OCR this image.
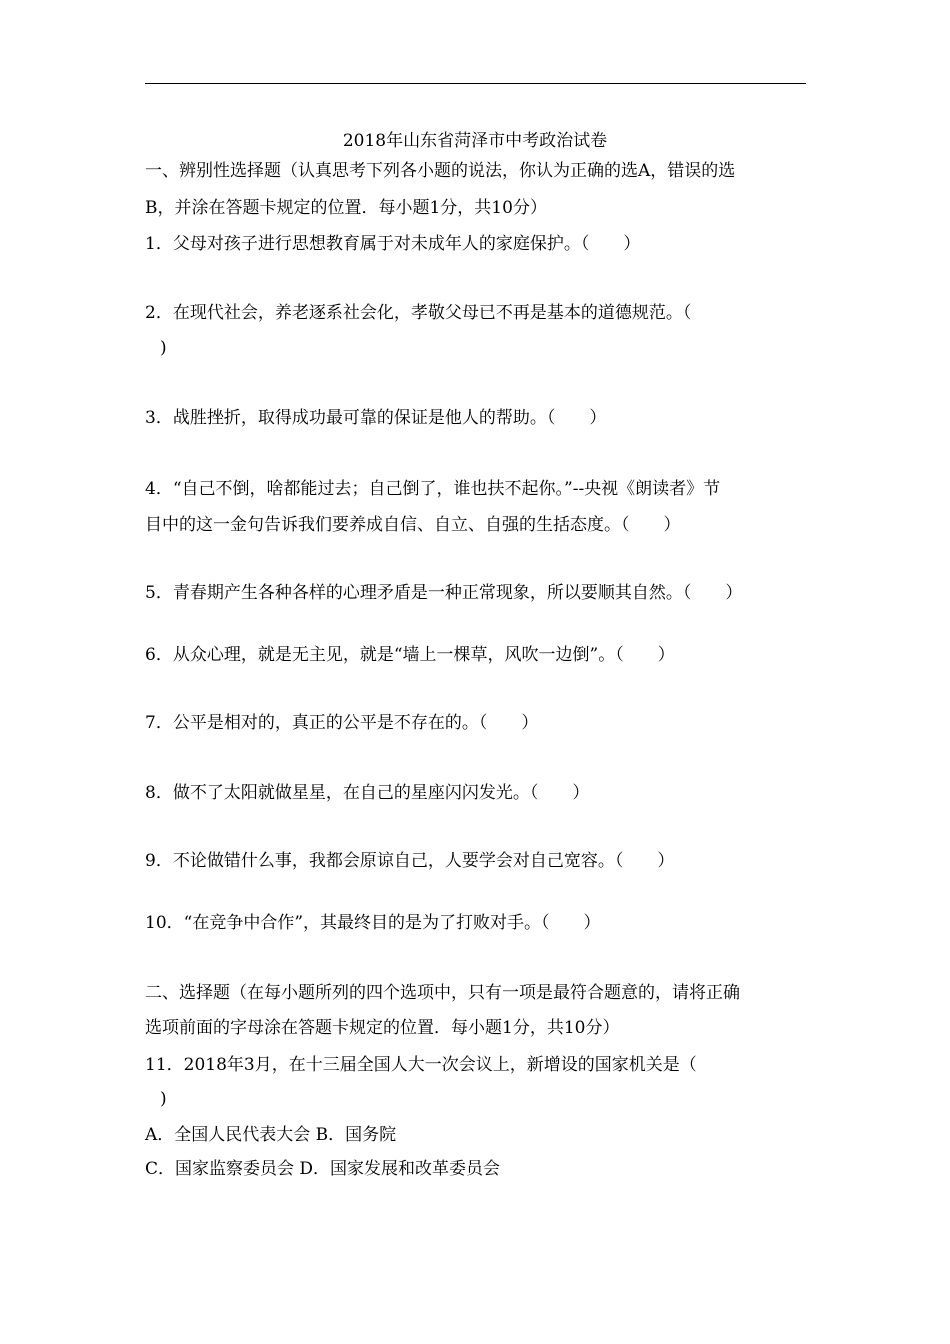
2018年山东省菏泽市中考政治试卷
一、辨别性选择题（认真思考下列各小题的说法，你认为正确的选A，错误的选
B，并涂在答题卡规定的位置．每小题1分，共10分）
1．父母对孩子进行思想教育属于对未成年人的家庭保护。（　　）
2．在现代社会，养老逐系社会化，孝敬父母已不再是基本的道德规范。（
)
3．战胜挫折，取得成功最可靠的保证是他人的帮助。（　　）
4．“自己不倒，啥都能过去；自己倒了，谁也扶不起你。”--央视《朗读者》节
目中的这一金句告诉我们要养成自信、自立、自强的生括态度。（　　）
5．青春期产生各种各样的心理矛盾是一种正常现象，所以要顺其自然。（　　）
6．从众心理，就是无主见，就是“墙上一棵草，风吹一边倒”。（　　）
7．公平是相对的，真正的公平是不存在的。（　　）
8．做不了太阳就做星星，在自己的星座闪闪发光。（　　）
9．不论做错什么事，我都会原谅自己，人要学会对自己宽容。（　　）
10．“在竞争中合作”，其最终目的是为了打败对手。（　　）
二、选择题（在每小题所列的四个选项中，只有一项是最符合题意的，请将正确
选项前面的字母涂在答题卡规定的位置．每小题1分，共10分）
11．2018年3月，在十三届全国人大一次会议上，新增设的国家机关是（
)
A．全国人民代表大会 B．国务院
C．国家监察委员会 D．国家发展和改革委员会
